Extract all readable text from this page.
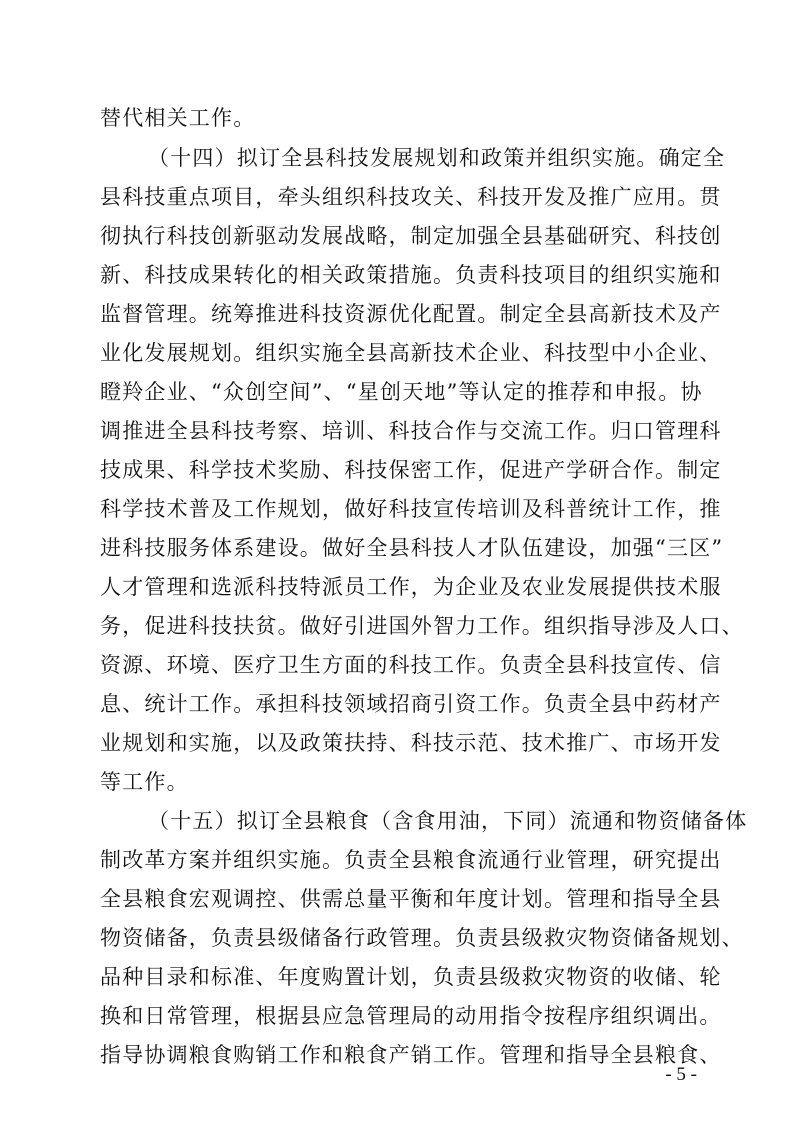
替代相关工作。
（十四）拟订全县科技发展规划和政策并组织实施。确定全
县科技重点项目，牵头组织科技攻关、科技开发及推广应用。贯
彻执行科技创新驱动发展战略，制定加强全县基础研究、科技创
新、科技成果转化的相关政策措施。负责科技项目的组织实施和
监督管理。统筹推进科技资源优化配置。制定全县高新技术及产
业化发展规划。组织实施全县高新技术企业、科技型中小企业、
瞪羚企业、“众创空间”、“星创天地”等认定的推荐和申报。协
调推进全县科技考察、培训、科技合作与交流工作。归口管理科
技成果、科学技术奖励、科技保密工作，促进产学研合作。制定
科学技术普及工作规划，做好科技宣传培训及科普统计工作，推
进科技服务体系建设。做好全县科技人才队伍建设，加强“三区”
人才管理和选派科技特派员工作，为企业及农业发展提供技术服
务，促进科技扶贫。做好引进国外智力工作。组织指导涉及人口、
资源、环境、医疗卫生方面的科技工作。负责全县科技宣传、信
息、统计工作。承担科技领域招商引资工作。负责全县中药材产
业规划和实施，以及政策扶持、科技示范、技术推广、市场开发
等工作。
（十五）拟订全县粮食（含食用油，下同）流通和物资储备体
制改革方案并组织实施。负责全县粮食流通行业管理，研究提出
全县粮食宏观调控、供需总量平衡和年度计划。管理和指导全县
物资储备，负责县级储备行政管理。负责县级救灾物资储备规划、
品种目录和标准、年度购置计划，负责县级救灾物资的收储、轮
换和日常管理，根据县应急管理局的动用指令按程序组织调出。
指导协调粮食购销工作和粮食产销工作。管理和指导全县粮食、
- 5 -
